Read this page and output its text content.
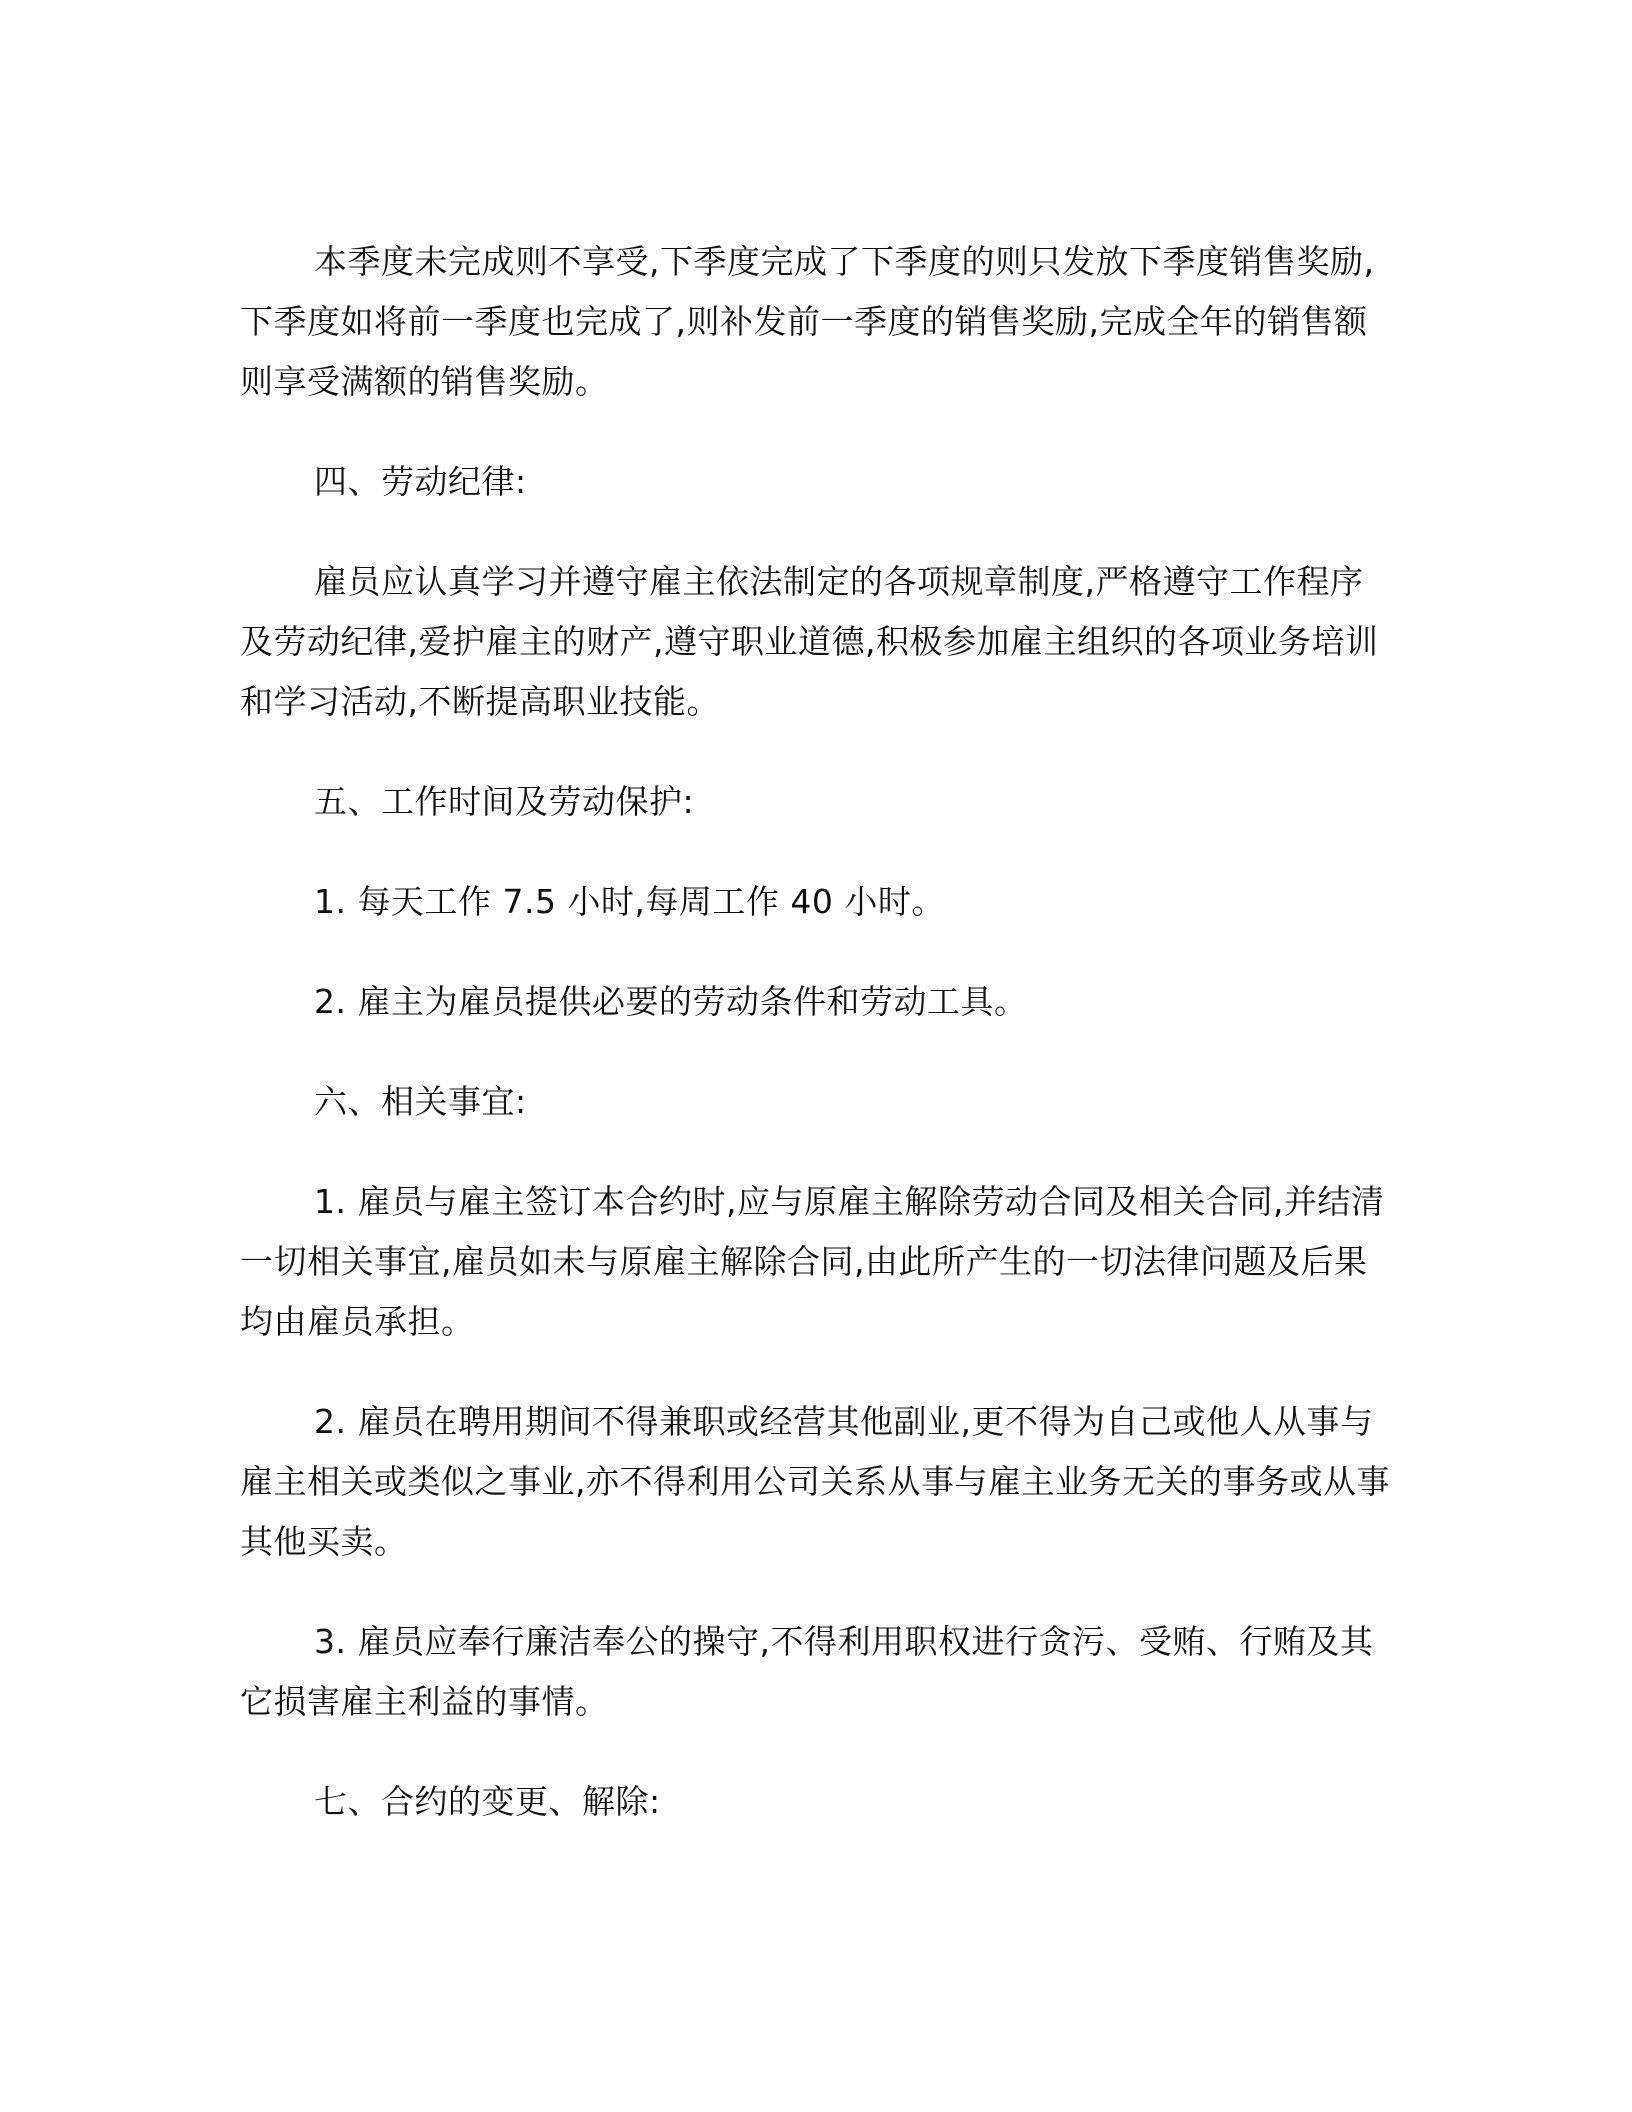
本季度未完成则不享受,下季度完成了下季度的则只发放下季度销售奖励,下季度如将前一季度也完成了,则补发前一季度的销售奖励,完成全年的销售额则享受满额的销售奖励。

四、劳动纪律:

雇员应认真学习并遵守雇主依法制定的各项规章制度,严格遵守工作程序及劳动纪律,爱护雇主的财产,遵守职业道德,积极参加雇主组织的各项业务培训和学习活动,不断提高职业技能。

五、工作时间及劳动保护:

1. 每天工作 7.5 小时,每周工作 40 小时。

2. 雇主为雇员提供必要的劳动条件和劳动工具。

六、相关事宜:

1. 雇员与雇主签订本合约时,应与原雇主解除劳动合同及相关合同,并结清一切相关事宜,雇员如未与原雇主解除合同,由此所产生的一切法律问题及后果均由雇员承担。

2. 雇员在聘用期间不得兼职或经营其他副业,更不得为自己或他人从事与雇主相关或类似之事业,亦不得利用公司关系从事与雇主业务无关的事务或从事其他买卖。

3. 雇员应奉行廉洁奉公的操守,不得利用职权进行贪污、受贿、行贿及其它损害雇主利益的事情。

七、合约的变更、解除:
